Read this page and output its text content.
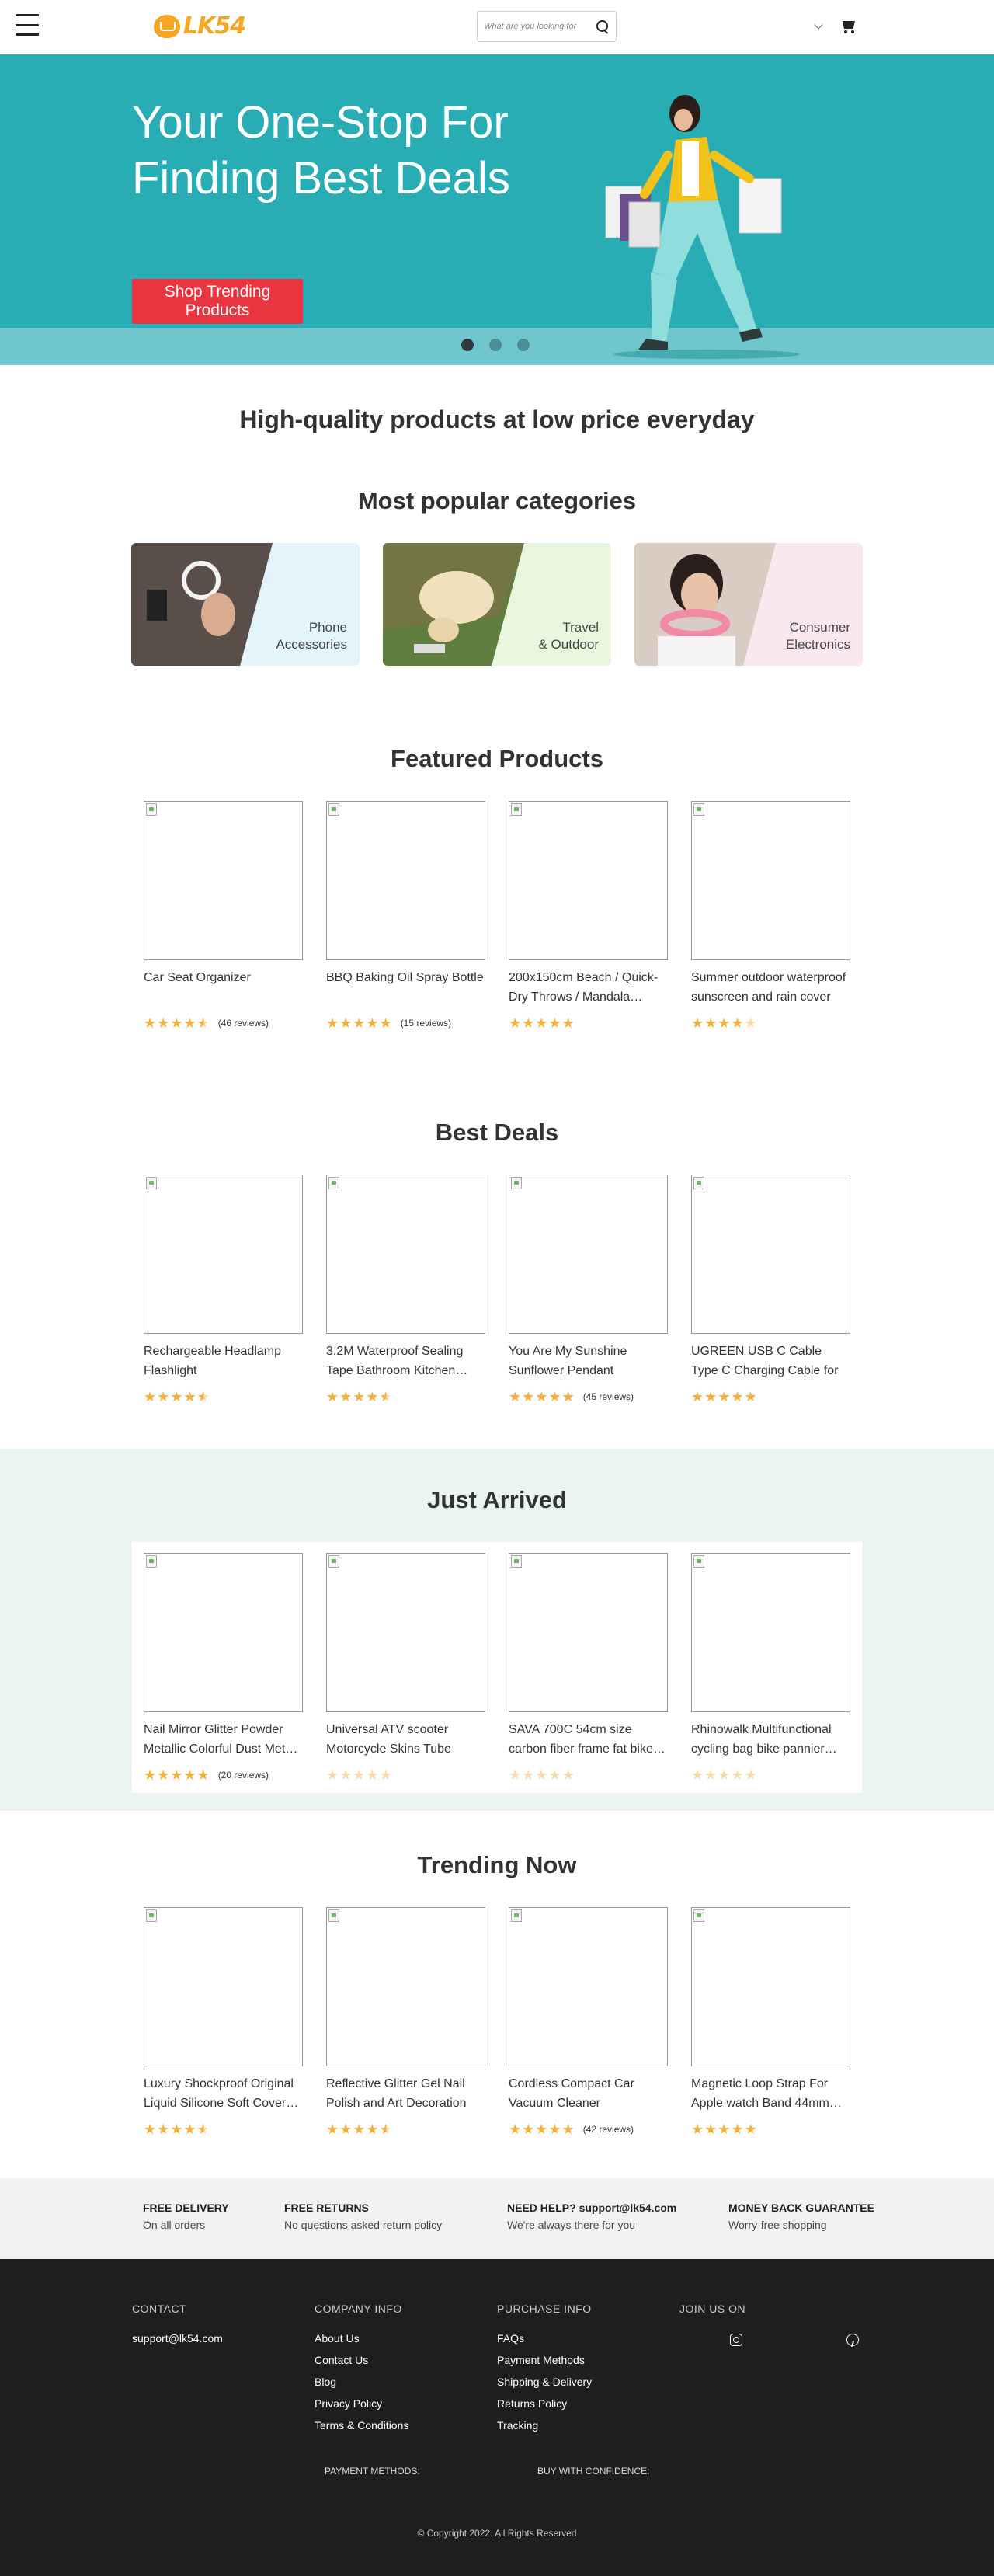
LK54
What are you looking for
Your One-Stop For Finding Best Deals
Shop Trending Products
High-quality products at low price everyday
Most popular categories
Phone
Accessories
Travel
& Outdoor
Consumer
Electronics
Featured Products
Car Seat Organizer
★★★★★ (46 reviews)
BBQ Baking Oil Spray Bottle
★★★★★ (15 reviews)
200x150cm Beach / Quick-Dry Throws / Mandala…
★★★★★
Summer outdoor waterproof sunscreen and rain cover
★★★★★
Best Deals
Rechargeable Headlamp Flashlight
★★★★★
3.2M Waterproof Sealing Tape Bathroom Kitchen…
★★★★★
You Are My Sunshine Sunflower Pendant
★★★★★ (45 reviews)
UGREEN USB C Cable Type C Charging Cable for
★★★★★
Just Arrived
Nail Mirror Glitter Powder Metallic Colorful Dust Met…
★★★★★ (20 reviews)
Universal ATV scooter Motorcycle Skins Tube
★★★★★
SAVA 700C 54cm size carbon fiber frame fat bike…
★★★★★
Rhinowalk Multifunctional cycling bag bike pannier…
★★★★★
Trending Now
Luxury Shockproof Original Liquid Silicone Soft Cover…
★★★★★
Reflective Glitter Gel Nail Polish and Art Decoration
★★★★★
Cordless Compact Car Vacuum Cleaner
★★★★★ (42 reviews)
Magnetic Loop Strap For Apple watch Band 44mm…
★★★★★
FREE DELIVERY
On all orders
FREE RETURNS
No questions asked return policy
NEED HELP? support@lk54.com
We're always there for you
MONEY BACK GUARANTEE
Worry-free shopping
CONTACT
support@lk54.com
COMPANY INFO
About Us
Contact Us
Blog
Privacy Policy
Terms & Conditions
PURCHASE INFO
FAQs
Payment Methods
Shipping & Delivery
Returns Policy
Tracking
JOIN US ON
PAYMENT METHODS:	BUY WITH CONFIDENCE:
© Copyright 2022. All Rights Reserved
